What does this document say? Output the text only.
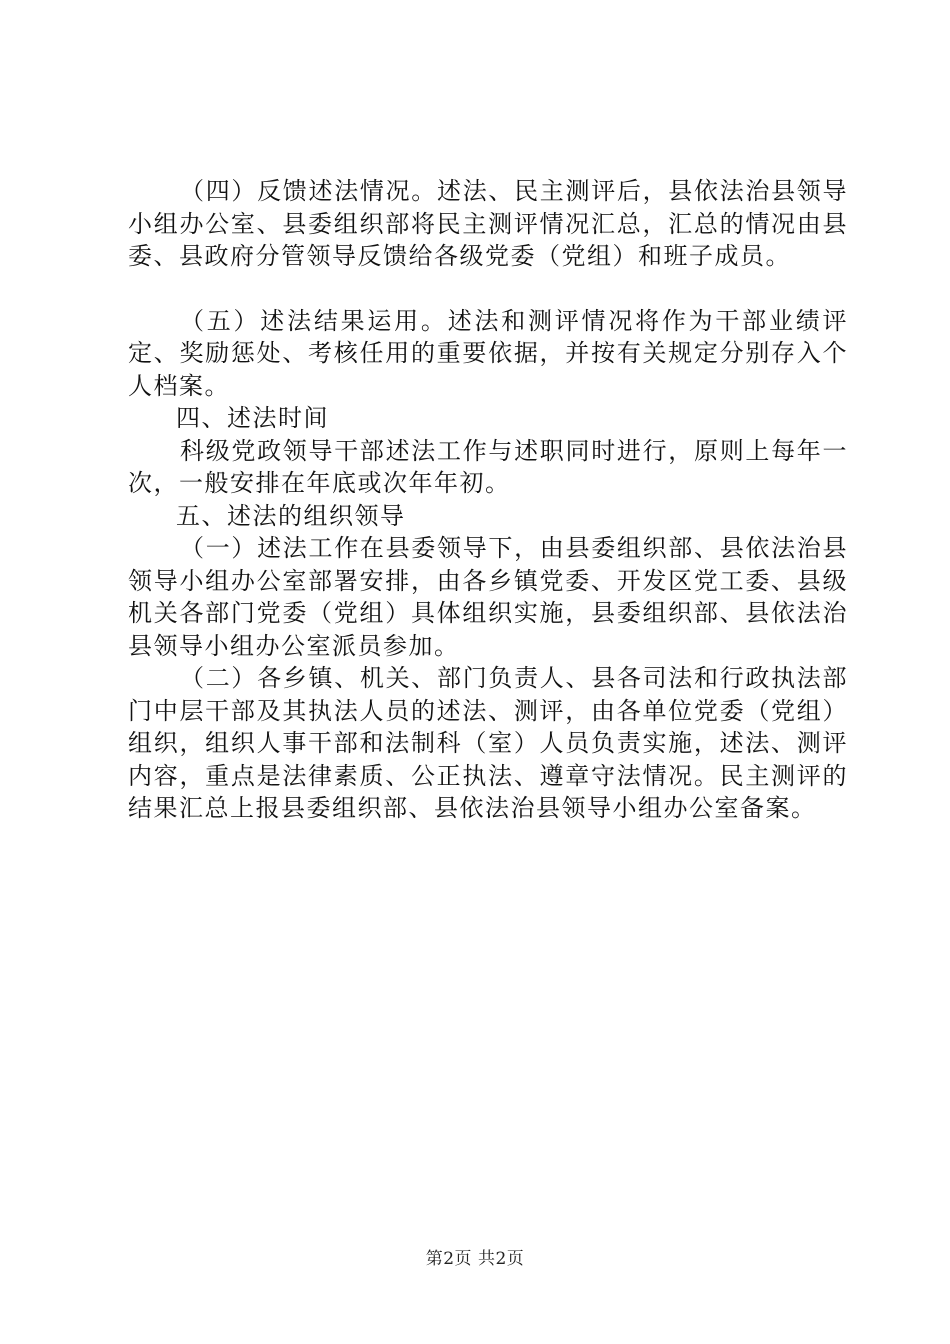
（四）反馈述法情况。述法、民主测评后，县依法治县领导小组办公室、县委组织部将民主测评情况汇总，汇总的情况由县委、县政府分管领导反馈给各级党委（党组）和班子成员。

（五）述法结果运用。述法和测评情况将作为干部业绩评定、奖励惩处、考核任用的重要依据，并按有关规定分别存入个人档案。

四、述法时间

科级党政领导干部述法工作与述职同时进行，原则上每年一次，一般安排在年底或次年年初。

五、述法的组织领导

（一）述法工作在县委领导下，由县委组织部、县依法治县领导小组办公室部署安排，由各乡镇党委、开发区党工委、县级机关各部门党委（党组）具体组织实施，县委组织部、县依法治县领导小组办公室派员参加。

（二）各乡镇、机关、部门负责人、县各司法和行政执法部门中层干部及其执法人员的述法、测评，由各单位党委（党组）组织，组织人事干部和法制科（室）人员负责实施，述法、测评内容，重点是法律素质、公正执法、遵章守法情况。民主测评的结果汇总上报县委组织部、县依法治县领导小组办公室备案。

第2页 共2页
